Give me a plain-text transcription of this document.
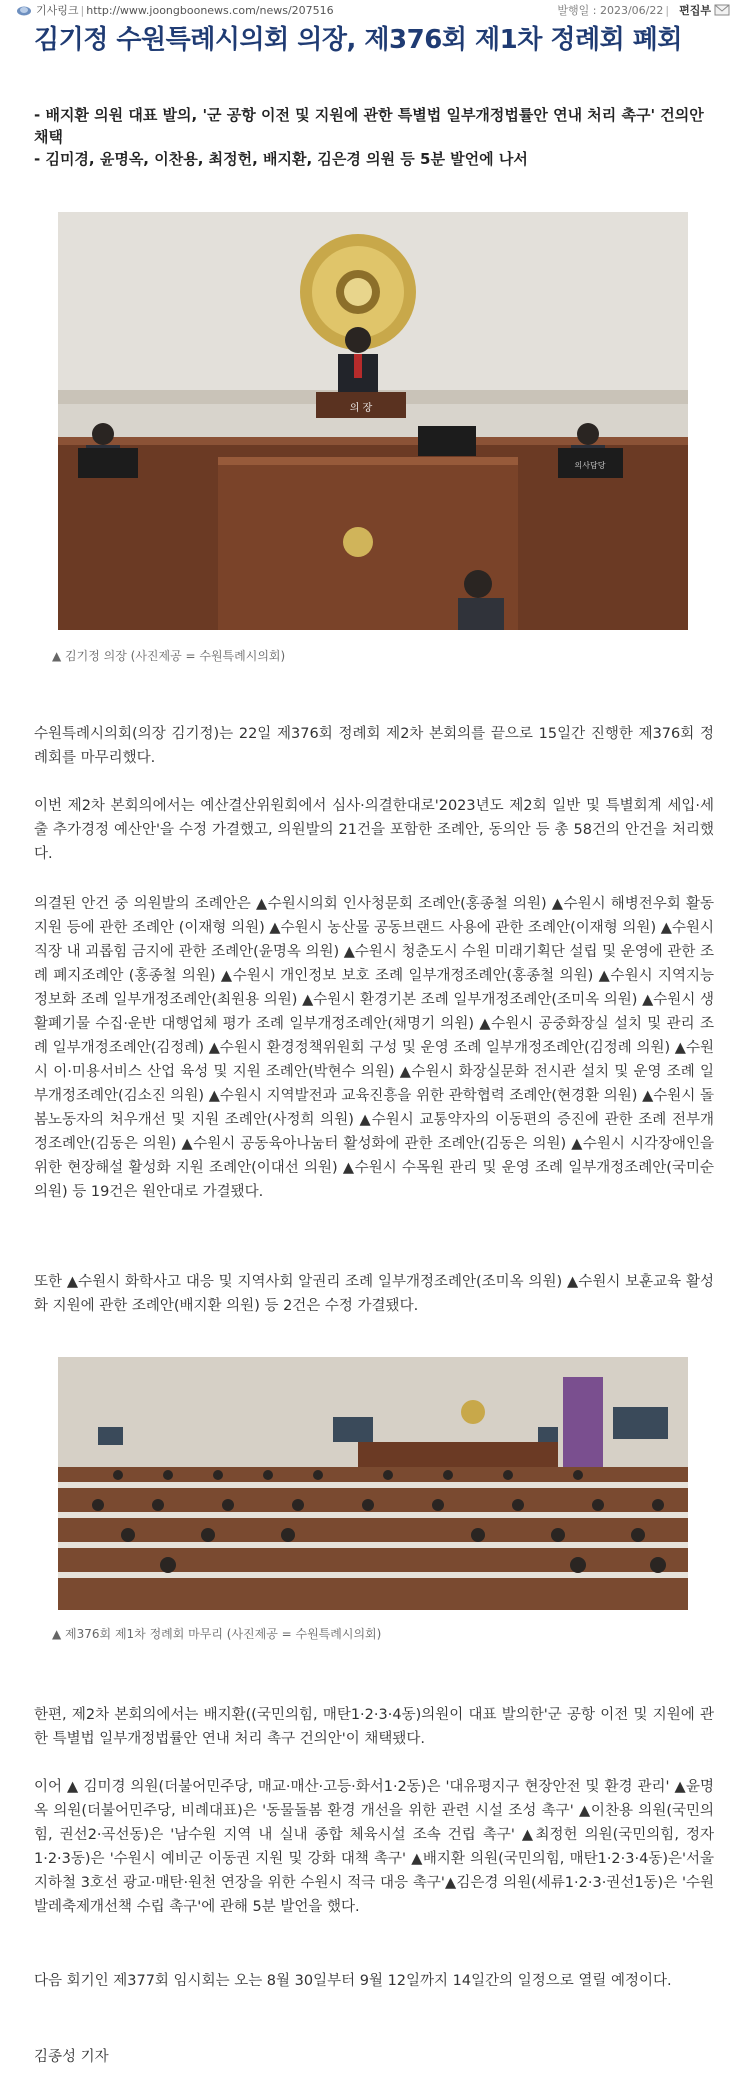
기사링크 | http://www.joongboonews.com/news/207516	발행일 : 2023/06/22 | 편집부
김기정 수원특례시의회 의장, 제376회 제1차 정례회 폐회

- 배지환 의원 대표 발의, '군 공항 이전 및 지원에 관한 특별법 일부개정법률안 연내 처리 촉구' 건의안 채택

- 김미경, 윤명옥, 이찬용, 최정헌, 배지환, 김은경 의원 등 5분 발언에 나서

의 장
의사담당
▲ 김기정 의장 (사진제공 = 수원특례시의회)

수원특례시의회(의장 김기정)는 22일 제376회 정례회 제2차 본회의를 끝으로 15일간 진행한 제376회 정례회를 마무리했다.

이번 제2차 본회의에서는 예산결산위원회에서 심사·의결한대로'2023년도 제2회 일반 및 특별회계 세입·세출 추가경정 예산안'을 수정 가결했고, 의원발의 21건을 포함한 조례안, 동의안 등 총 58건의 안건을 처리했다.

의결된 안건 중 의원발의 조례안은 ▲수원시의회 인사청문회 조례안(홍종철 의원) ▲수원시 해병전우회 활동 지원 등에 관한 조례안 (이재형 의원) ▲수원시 농산물 공동브랜드 사용에 관한 조례안(이재형 의원) ▲수원시 직장 내 괴롭힘 금지에 관한 조례안(윤명옥 의원) ▲수원시 청춘도시 수원 미래기획단 설립 및 운영에 관한 조례 폐지조례안 (홍종철 의원) ▲수원시 개인정보 보호 조례 일부개정조례안(홍종철 의원) ▲수원시 지역지능정보화 조례 일부개정조례안(최원용 의원) ▲수원시 환경기본 조례 일부개정조례안(조미옥 의원) ▲수원시 생활폐기물 수집·운반 대행업체 평가 조례 일부개정조례안(채명기 의원) ▲수원시 공중화장실 설치 및 관리 조례 일부개정조례안(김정례) ▲수원시 환경정책위원회 구성 및 운영 조례 일부개정조례안(김정례 의원) ▲수원시 이·미용서비스 산업 육성 및 지원 조례안(박현수 의원) ▲수원시 화장실문화 전시관 설치 및 운영 조례 일부개정조례안(김소진 의원) ▲수원시 지역발전과 교육진흥을 위한 관학협력 조례안(현경환 의원) ▲수원시 돌봄노동자의 처우개선 및 지원 조례안(사정희 의원) ▲수원시 교통약자의 이동편의 증진에 관한 조례 전부개정조례안(김동은 의원) ▲수원시 공동육아나눔터 활성화에 관한 조례안(김동은 의원) ▲수원시 시각장애인을 위한 현장해설 활성화 지원 조례안(이대선 의원) ▲수원시 수목원 관리 및 운영 조례 일부개정조례안(국미순 의원) 등 19건은 원안대로 가결됐다.

또한 ▲수원시 화학사고 대응 및 지역사회 알권리 조례 일부개정조례안(조미옥 의원) ▲수원시 보훈교육 활성화 지원에 관한 조례안(배지환 의원) 등 2건은 수정 가결됐다.

▲ 제376회 제1차 정례회 마무리 (사진제공 = 수원특례시의회)

한편, 제2차 본회의에서는 배지환((국민의힘, 매탄1·2·3·4동)의원이 대표 발의한'군 공항 이전 및 지원에 관한 특별법 일부개정법률안 연내 처리 촉구 건의안'이 채택됐다.

이어 ▲ 김미경 의원(더불어민주당, 매교·매산·고등·화서1·2동)은 '대유평지구 현장안전 및 환경 관리' ▲윤명옥 의원(더불어민주당, 비례대표)은 '동물돌봄 환경 개선을 위한 관련 시설 조성 촉구' ▲이찬용 의원(국민의힘, 권선2·곡선동)은 '남수원 지역 내 실내 종합 체육시설 조속 건립 촉구' ▲최정헌 의원(국민의힘, 정자1·2·3동)은 '수원시 예비군 이동권 지원 및 강화 대책 촉구' ▲배지환 의원(국민의힘, 매탄1·2·3·4동)은'서울지하철 3호선 광교·매탄·원천 연장을 위한 수원시 적극 대응 촉구'▲김은경 의원(세류1·2·3·권선1동)은 '수원발레축제개선책 수립 촉구'에 관해 5분 발언을 했다.

다음 회기인 제377회 임시회는 오는 8월 30일부터 9월 12일까지 14일간의 일정으로 열릴 예정이다.

김종성 기자
